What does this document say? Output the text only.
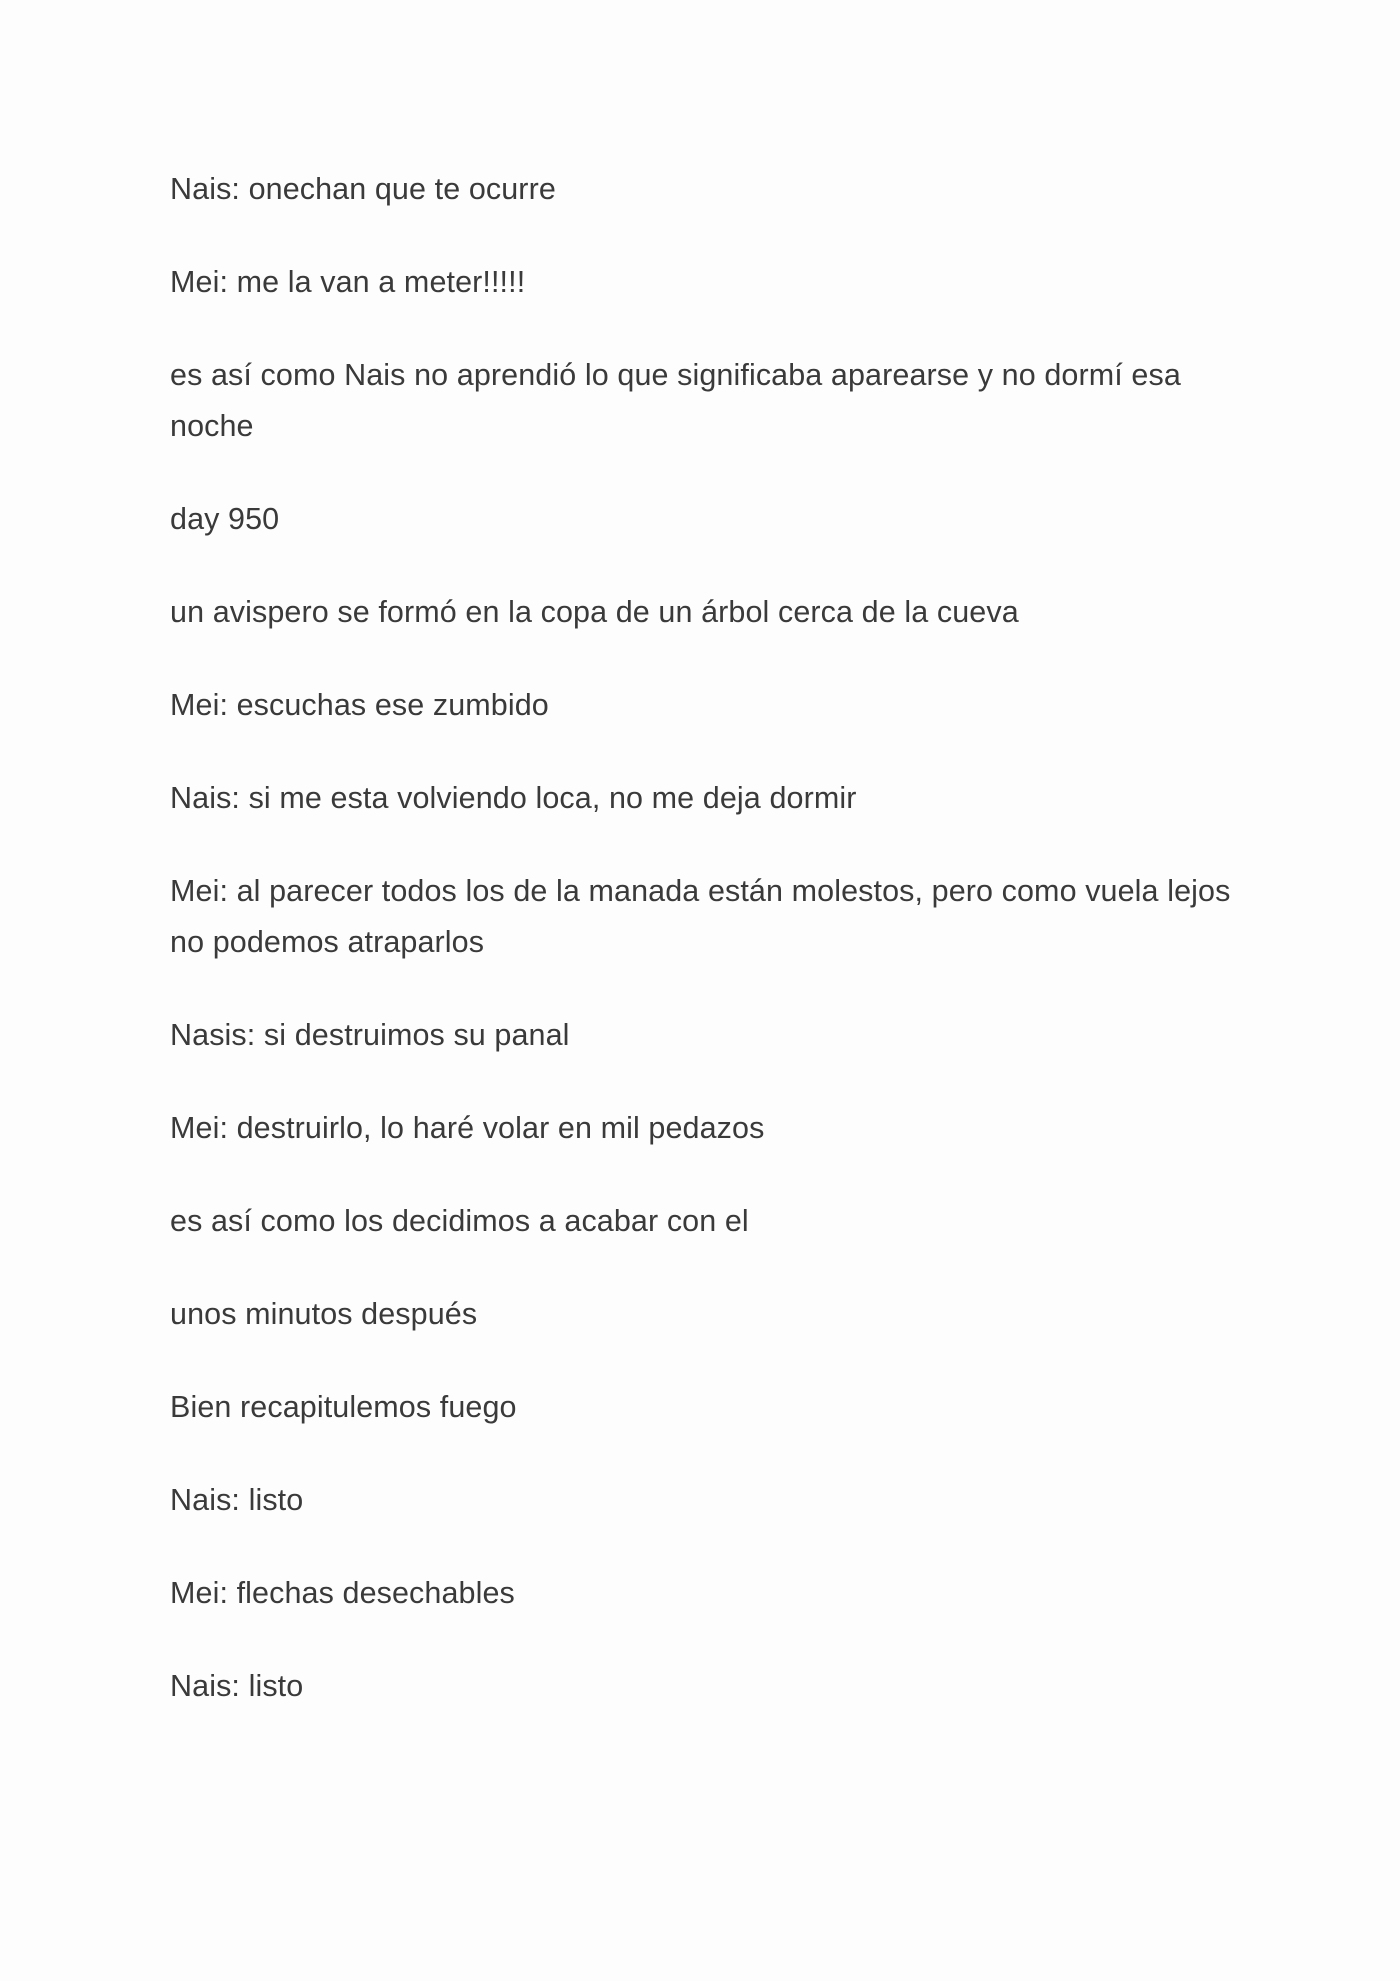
Nais: onechan que te ocurre

Mei: me la van a meter!!!!!

es así como Nais no aprendió lo que significaba aparearse y no dormí esa noche

day 950

un avispero se formó en la copa de un árbol cerca de la cueva

Mei: escuchas ese zumbido

Nais: si me esta volviendo loca, no me deja dormir

Mei: al parecer todos los de la manada están molestos, pero como vuela lejos no podemos atraparlos

Nasis: si destruimos su panal

Mei: destruirlo, lo haré volar en mil pedazos

es así como los decidimos a acabar con el

unos minutos después

Bien recapitulemos fuego

Nais: listo

Mei: flechas desechables

Nais: listo
